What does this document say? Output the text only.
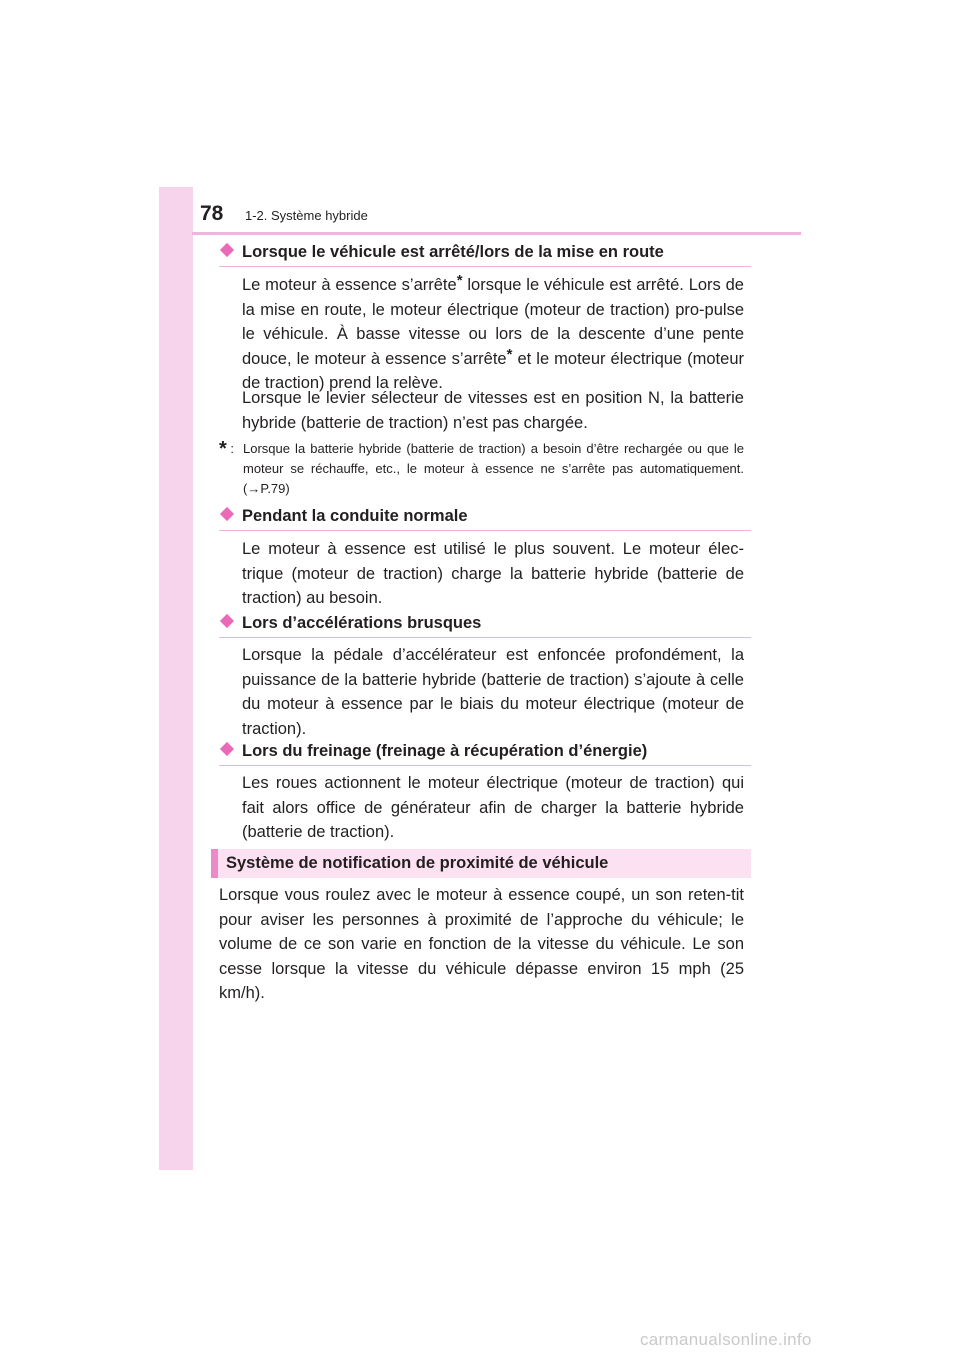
78 1-2. Système hybride
Lorsque le véhicule est arrêté/lors de la mise en route

Le moteur à essence s’arrête* lorsque le véhicule est arrêté. Lors de la mise en route, le moteur électrique (moteur de traction) pro-pulse le véhicule. À basse vitesse ou lors de la descente d’une pente douce, le moteur à essence s’arrête* et le moteur électrique (moteur de traction) prend la relève.

Lorsque le levier sélecteur de vitesses est en position N, la batterie hybride (batterie de traction) n’est pas chargée.

* : Lorsque la batterie hybride (batterie de traction) a besoin d’être rechargée ou que le moteur se réchauffe, etc., le moteur à essence ne s’arrête pas automatiquement. (→P.79)
Pendant la conduite normale

Le moteur à essence est utilisé le plus souvent. Le moteur élec-trique (moteur de traction) charge la batterie hybride (batterie de traction) au besoin.

Lors d’accélérations brusques

Lorsque la pédale d’accélérateur est enfoncée profondément, la puissance de la batterie hybride (batterie de traction) s’ajoute à celle du moteur à essence par le biais du moteur électrique (moteur de traction).

Lors du freinage (freinage à récupération d’énergie)

Les roues actionnent le moteur électrique (moteur de traction) qui fait alors office de générateur afin de charger la batterie hybride (batterie de traction).

Système de notification de proximité de véhicule

Lorsque vous roulez avec le moteur à essence coupé, un son reten-tit pour aviser les personnes à proximité de l’approche du véhicule; le volume de ce son varie en fonction de la vitesse du véhicule. Le son cesse lorsque la vitesse du véhicule dépasse environ 15 mph (25 km/h).

carmanualsonline.info
